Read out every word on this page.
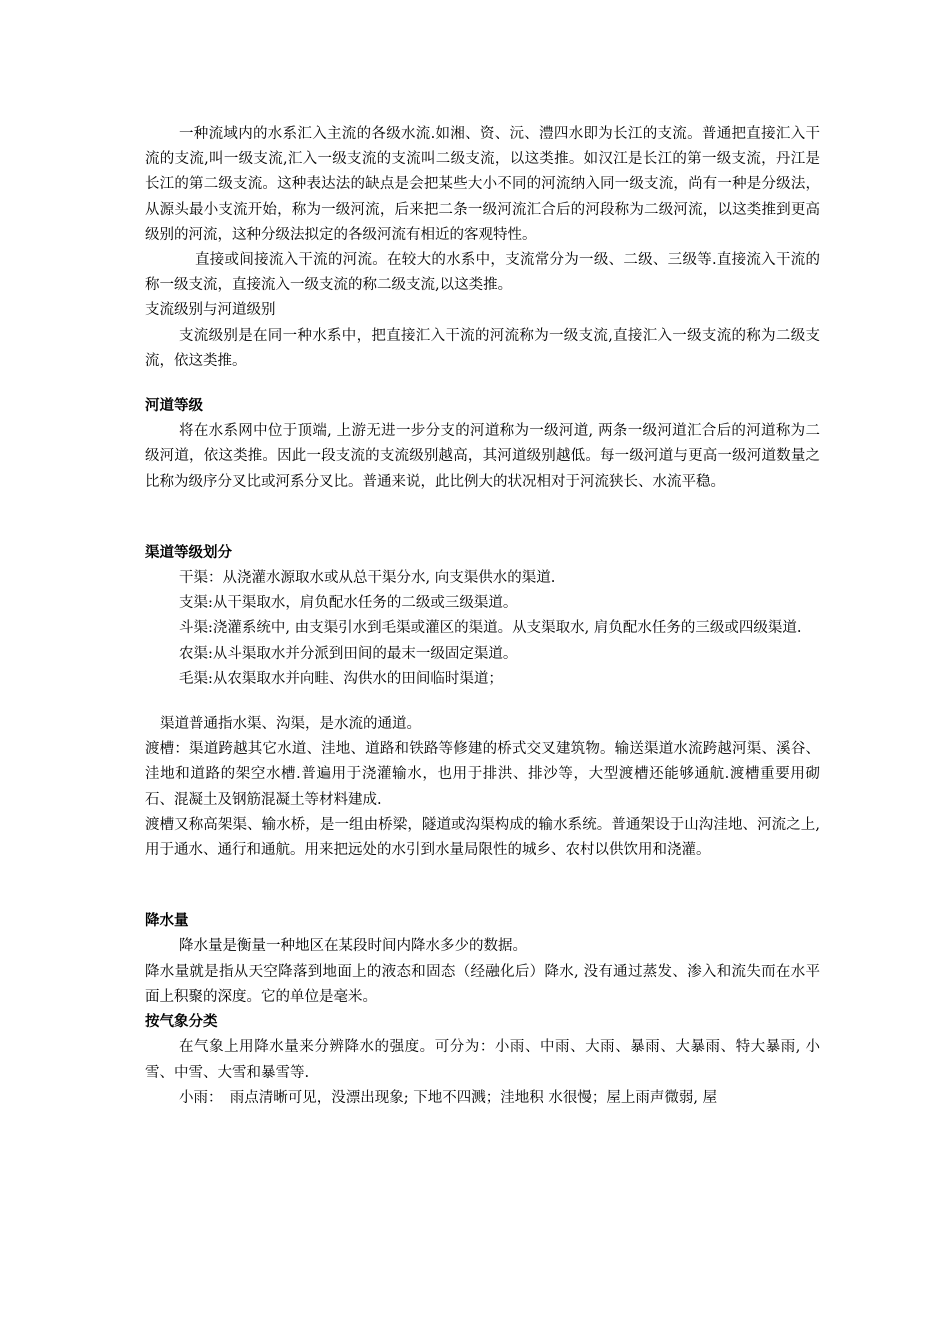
一种流域内的水系汇入主流的各级水流.如湘、资、沅、澧四水即为长江的支流。普通把直接汇入干流的支流,叫一级支流,汇入一级支流的支流叫二级支流，以这类推。如汉江是长江的第一级支流，丹江是长江的第二级支流。这种表达法的缺点是会把某些大小不同的河流纳入同一级支流，尚有一种是分级法，从源头最小支流开始，称为一级河流，后来把二条一级河流汇合后的河段称为二级河流，以这类推到更高级别的河流，这种分级法拟定的各级河流有相近的客观特性。

直接或间接流入干流的河流。在较大的水系中，支流常分为一级、二级、三级等.直接流入干流的称一级支流，直接流入一级支流的称二级支流,以这类推。

支流级别与河道级别

支流级别是在同一种水系中，把直接汇入干流的河流称为一级支流,直接汇入一级支流的称为二级支流，依这类推。

河道等级

将在水系网中位于顶端, 上游无进一步分支的河道称为一级河道, 两条一级河道汇合后的河道称为二级河道，依这类推。因此一段支流的支流级别越高，其河道级别越低。每一级河道与更高一级河道数量之比称为级序分叉比或河系分叉比。普通来说，此比例大的状况相对于河流狭长、水流平稳。

渠道等级划分

干渠：从浇灌水源取水或从总干渠分水, 向支渠供水的渠道.

支渠:从干渠取水，肩负配水任务的二级或三级渠道。

斗渠:浇灌系统中, 由支渠引水到毛渠或灌区的渠道。从支渠取水, 肩负配水任务的三级或四级渠道.

农渠:从斗渠取水并分派到田间的最末一级固定渠道。

毛渠:从农渠取水并向畦、沟供水的田间临时渠道；

渠道普通指水渠、沟渠，是水流的通道。

渡槽：渠道跨越其它水道、洼地、道路和铁路等修建的桥式交叉建筑物。输送渠道水流跨越河渠、溪谷、洼地和道路的架空水槽.普遍用于浇灌输水，也用于排洪、排沙等，大型渡槽还能够通航.渡槽重要用砌石、混凝土及钢筋混凝土等材料建成.

渡槽又称高架渠、输水桥，是一组由桥梁，隧道或沟渠构成的输水系统。普通架设于山沟洼地、河流之上,用于通水、通行和通航。用来把远处的水引到水量局限性的城乡、农村以供饮用和浇灌。

降水量

降水量是衡量一种地区在某段时间内降水多少的数据。

降水量就是指从天空降落到地面上的液态和固态（经融化后）降水, 没有通过蒸发、渗入和流失而在水平面上积聚的深度。它的单位是毫米。

按气象分类

在气象上用降水量来分辨降水的强度。可分为：小雨、中雨、大雨、暴雨、大暴雨、特大暴雨, 小雪、中雪、大雪和暴雪等.

小雨：　雨点清晰可见，没漂出现象; 下地不四溅；洼地积 水很慢；屋上雨声微弱, 屋
